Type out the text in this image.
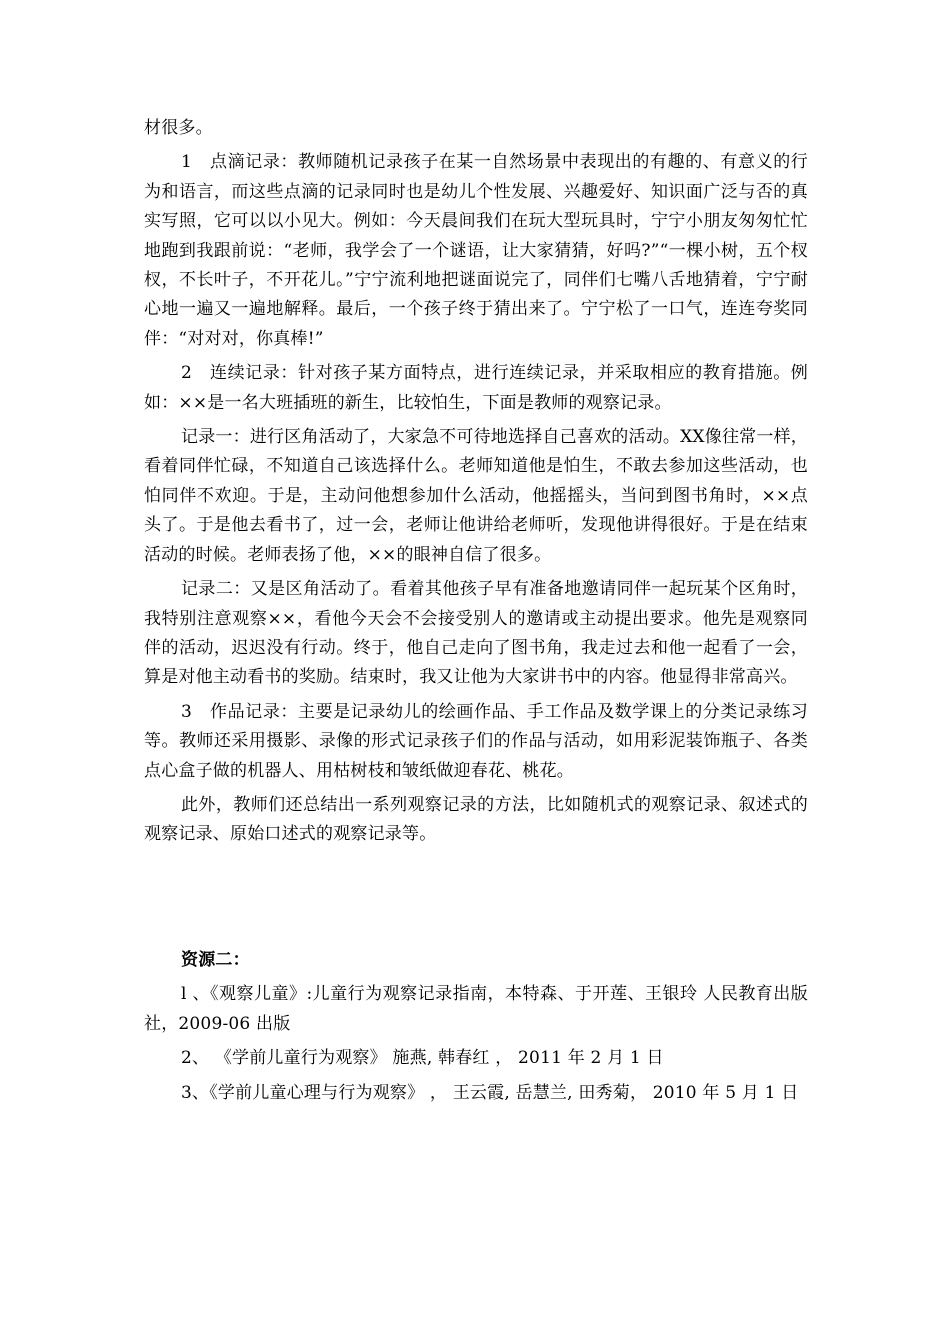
材很多。

1　点滴记录：教师随机记录孩子在某一自然场景中表现出的有趣的、有意义的行为和语言，而这些点滴的记录同时也是幼儿个性发展、兴趣爱好、知识面广泛与否的真实写照，它可以以小见大。例如：今天晨间我们在玩大型玩具时，宁宁小朋友匆匆忙忙地跑到我跟前说：“老师，我学会了一个谜语，让大家猜猜，好吗?”“一棵小树，五个杈杈，不长叶子，不开花儿。”宁宁流利地把谜面说完了，同伴们七嘴八舌地猜着，宁宁耐心地一遍又一遍地解释。最后，一个孩子终于猜出来了。宁宁松了一口气，连连夸奖同伴：“对对对，你真棒!”

2　连续记录：针对孩子某方面特点，进行连续记录，并采取相应的教育措施。例如：××是一名大班插班的新生，比较怕生，下面是教师的观察记录。

记录一：进行区角活动了，大家急不可待地选择自己喜欢的活动。XX像往常一样，看着同伴忙碌，不知道自己该选择什么。老师知道他是怕生，不敢去参加这些活动，也怕同伴不欢迎。于是，主动问他想参加什么活动，他摇摇头，当问到图书角时，××点头了。于是他去看书了，过一会，老师让他讲给老师听，发现他讲得很好。于是在结束活动的时候。老师表扬了他，××的眼神自信了很多。

记录二：又是区角活动了。看着其他孩子早有准备地邀请同伴一起玩某个区角时，我特别注意观察××，看他今天会不会接受别人的邀请或主动提出要求。他先是观察同伴的活动，迟迟没有行动。终于，他自己走向了图书角，我走过去和他一起看了一会，算是对他主动看书的奖励。结束时，我又让他为大家讲书中的内容。他显得非常高兴。

3　作品记录：主要是记录幼儿的绘画作品、手工作品及数学课上的分类记录练习等。教师还采用摄影、录像的形式记录孩子们的作品与活动，如用彩泥装饰瓶子、各类点心盒子做的机器人、用枯树枝和皱纸做迎春花、桃花。

此外，教师们还总结出一系列观察记录的方法，比如随机式的观察记录、叙述式的观察记录、原始口述式的观察记录等。

资源二：

l 、《观察儿童》:儿童行为观察记录指南，本特森、于开莲、王银玲 人民教育出版社，2009-06 出版

2、 《学前儿童行为观察》 施燕, 韩春红 ， 2011 年 2 月 1 日

3、《学前儿童心理与行为观察》 ， 王云霞, 岳慧兰, 田秀菊， 2010 年 5 月 1 日
